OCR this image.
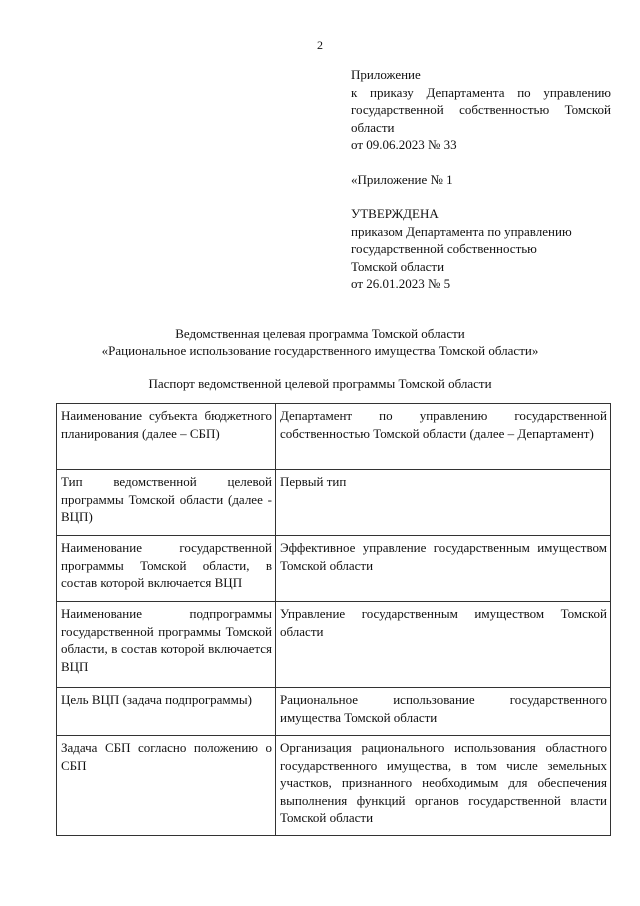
2

Приложение

к приказу Департамента по управлению государственной собственностью Томской области

от 09.06.2023 № 33

«Приложение № 1

УТВЕРЖДЕНА

приказом Департамента по управлению

государственной собственностью

Томской области

от 26.01.2023 № 5

Ведомственная целевая программа Томской области
«Рациональное использование государственного имущества Томской области»
Паспорт ведомственной целевой программы Томской области
Наименование субъекта бюджетного планирования (далее – СБП)	Департамент по управлению государственной собственностью Томской области (далее – Департамент)
Тип ведомственной целевой программы Томской области (далее - ВЦП)	Первый тип
Наименование государственной программы Томской области, в состав которой включается ВЦП	Эффективное управление государственным имуществом Томской области
Наименование подпрограммы государственной программы Томской области, в состав которой включается ВЦП	Управление государственным имуществом Томской области
Цель ВЦП (задача подпрограммы)	Рациональное использование государственного имущества Томской области
Задача СБП согласно положению о СБП	Организация рационального использования областного государственного имущества, в том числе земельных участков, признанного необходимым для обеспечения выполнения функций органов государственной власти Томской области
